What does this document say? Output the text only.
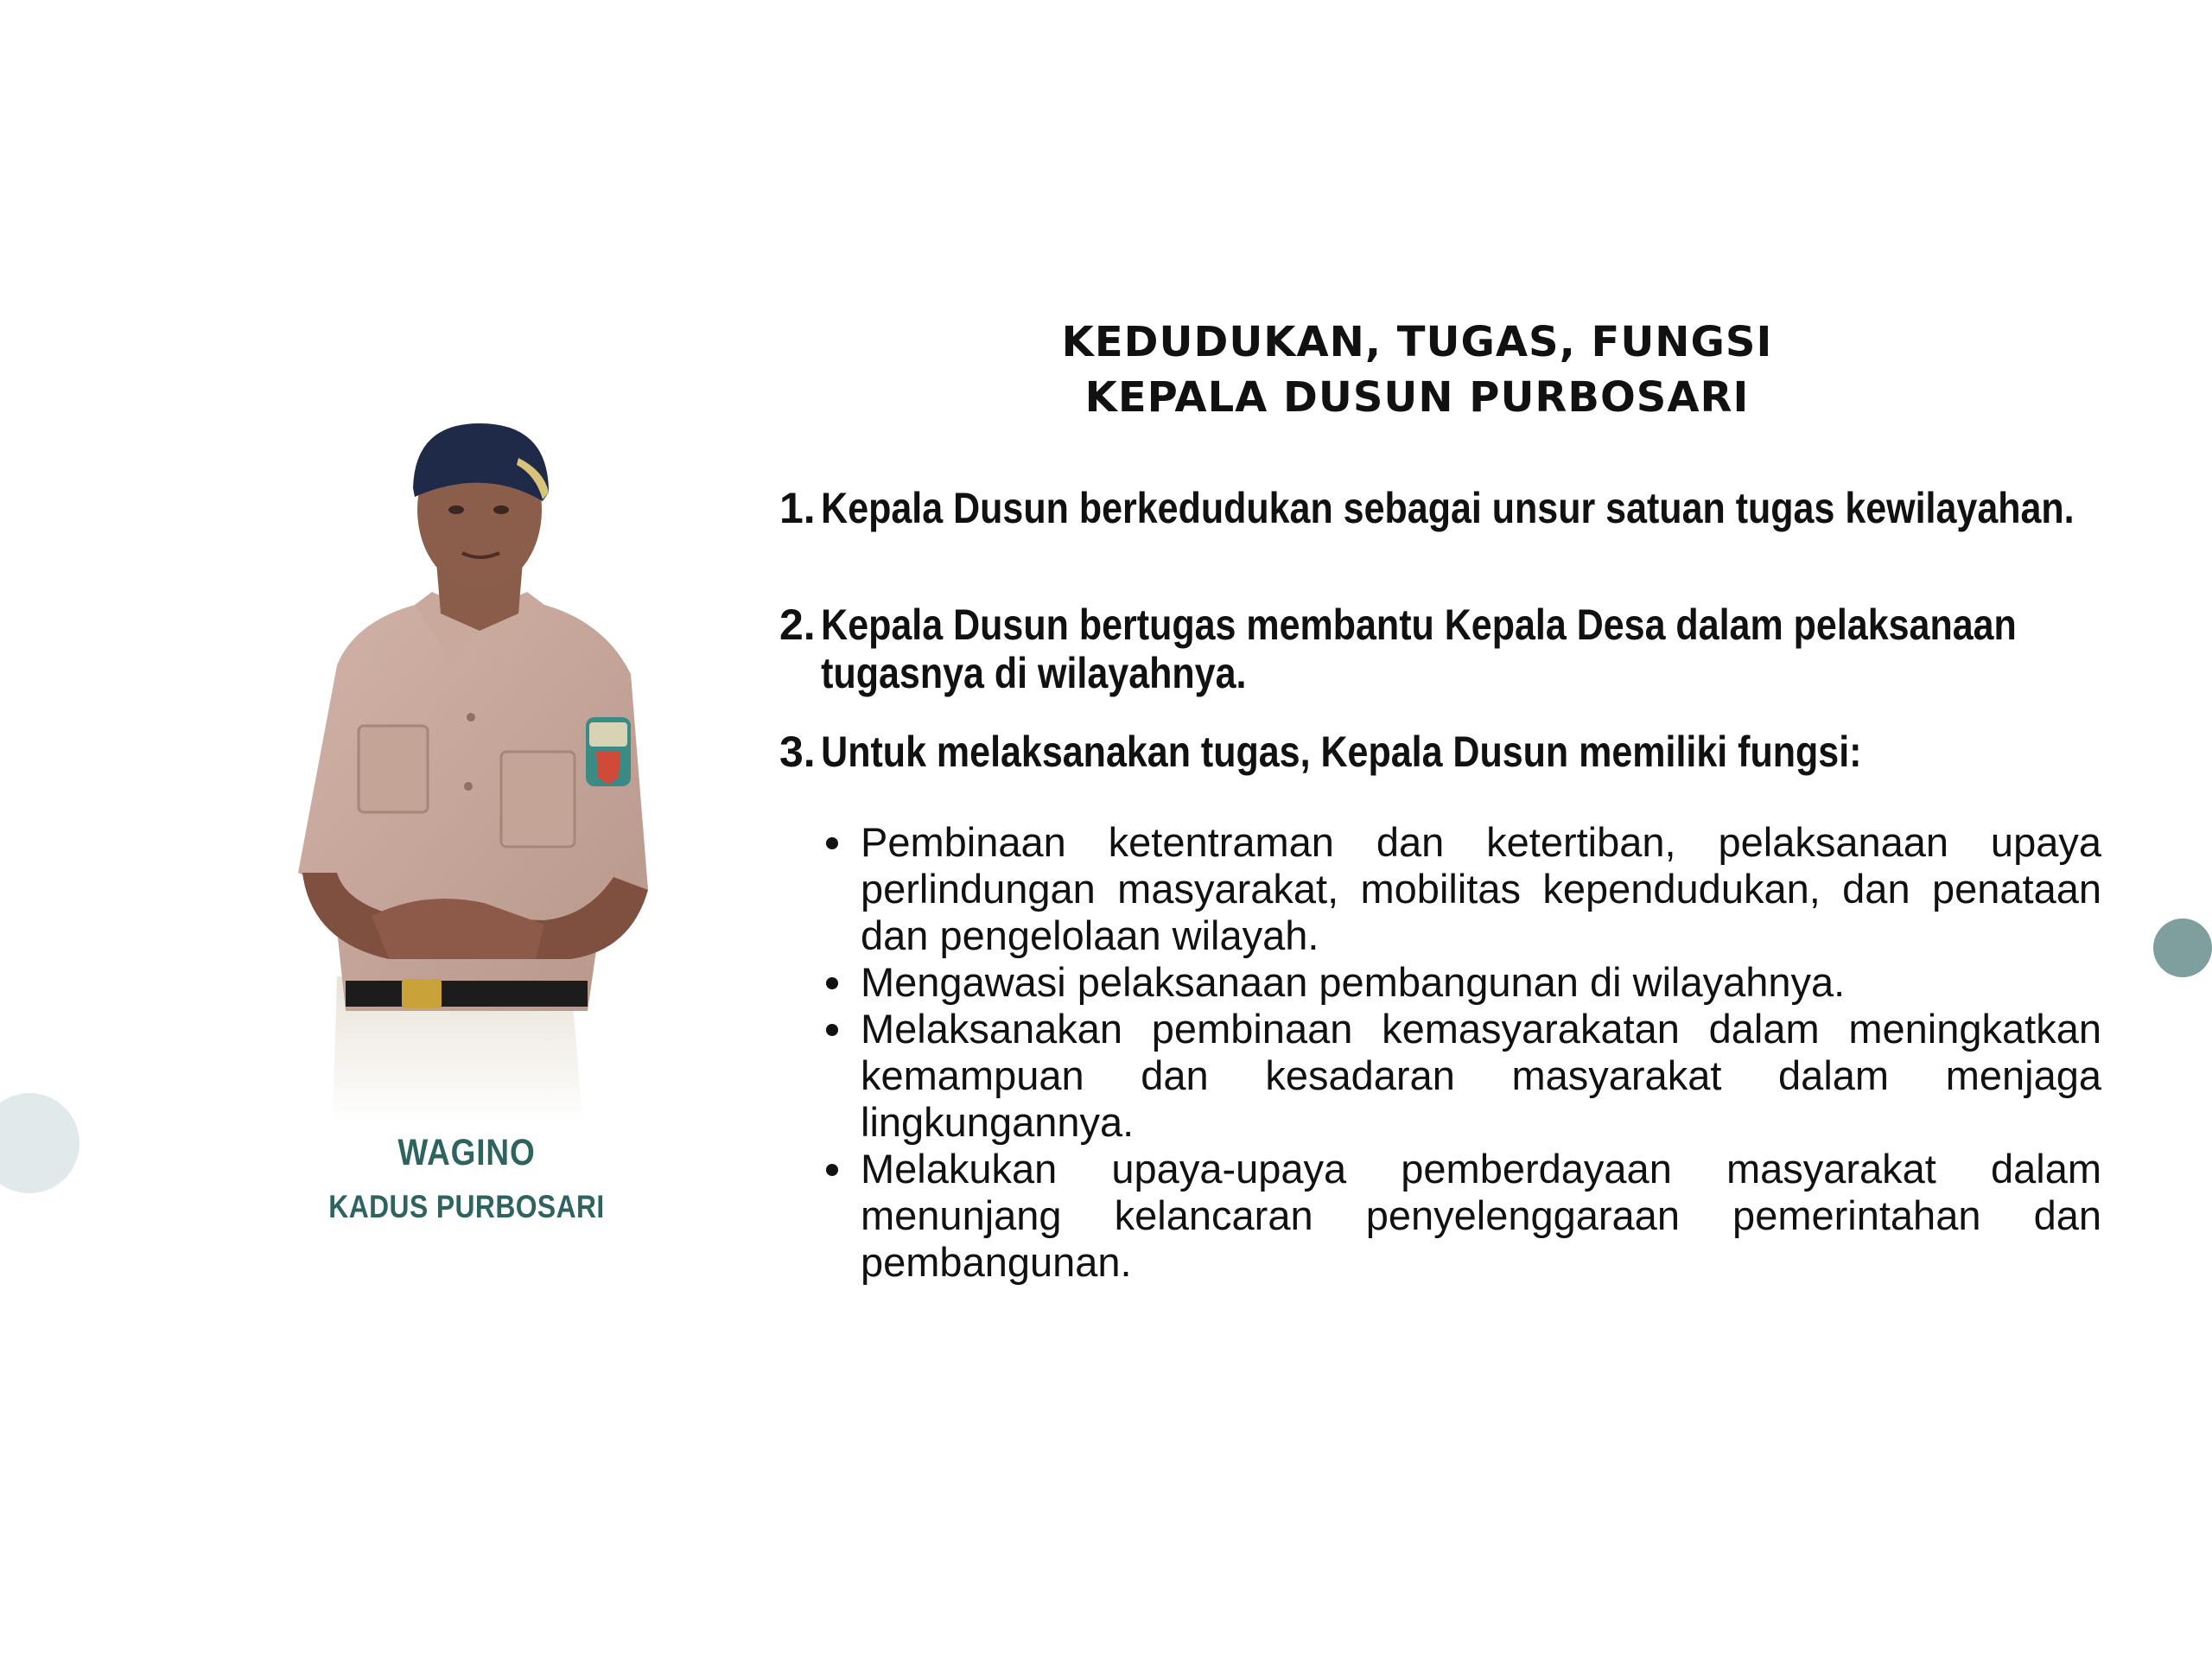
WAGINO
KADUS PURBOSARI
KEDUDUKAN, TUGAS, FUNGSI
KEPALA DUSUN PURBOSARI
1. Kepala Dusun berkedudukan sebagai unsur satuan tugas kewilayahan.
2. Kepala Dusun bertugas membantu Kepala Desa dalam pelaksanaan tugasnya di wilayahnya.
3. Untuk melaksanakan tugas, Kepala Dusun memiliki fungsi:
Pembinaan ketentraman dan ketertiban, pelaksanaan upaya perlindungan masyarakat, mobilitas kependudukan, dan penataan dan pengelolaan wilayah.
Mengawasi pelaksanaan pembangunan di wilayahnya.
Melaksanakan pembinaan kemasyarakatan dalam meningkatkan kemampuan dan kesadaran masyarakat dalam menjaga lingkungannya.
Melakukan upaya-upaya pemberdayaan masyarakat dalam menunjang kelancaran penyelenggaraan pemerintahan dan pembangunan.
